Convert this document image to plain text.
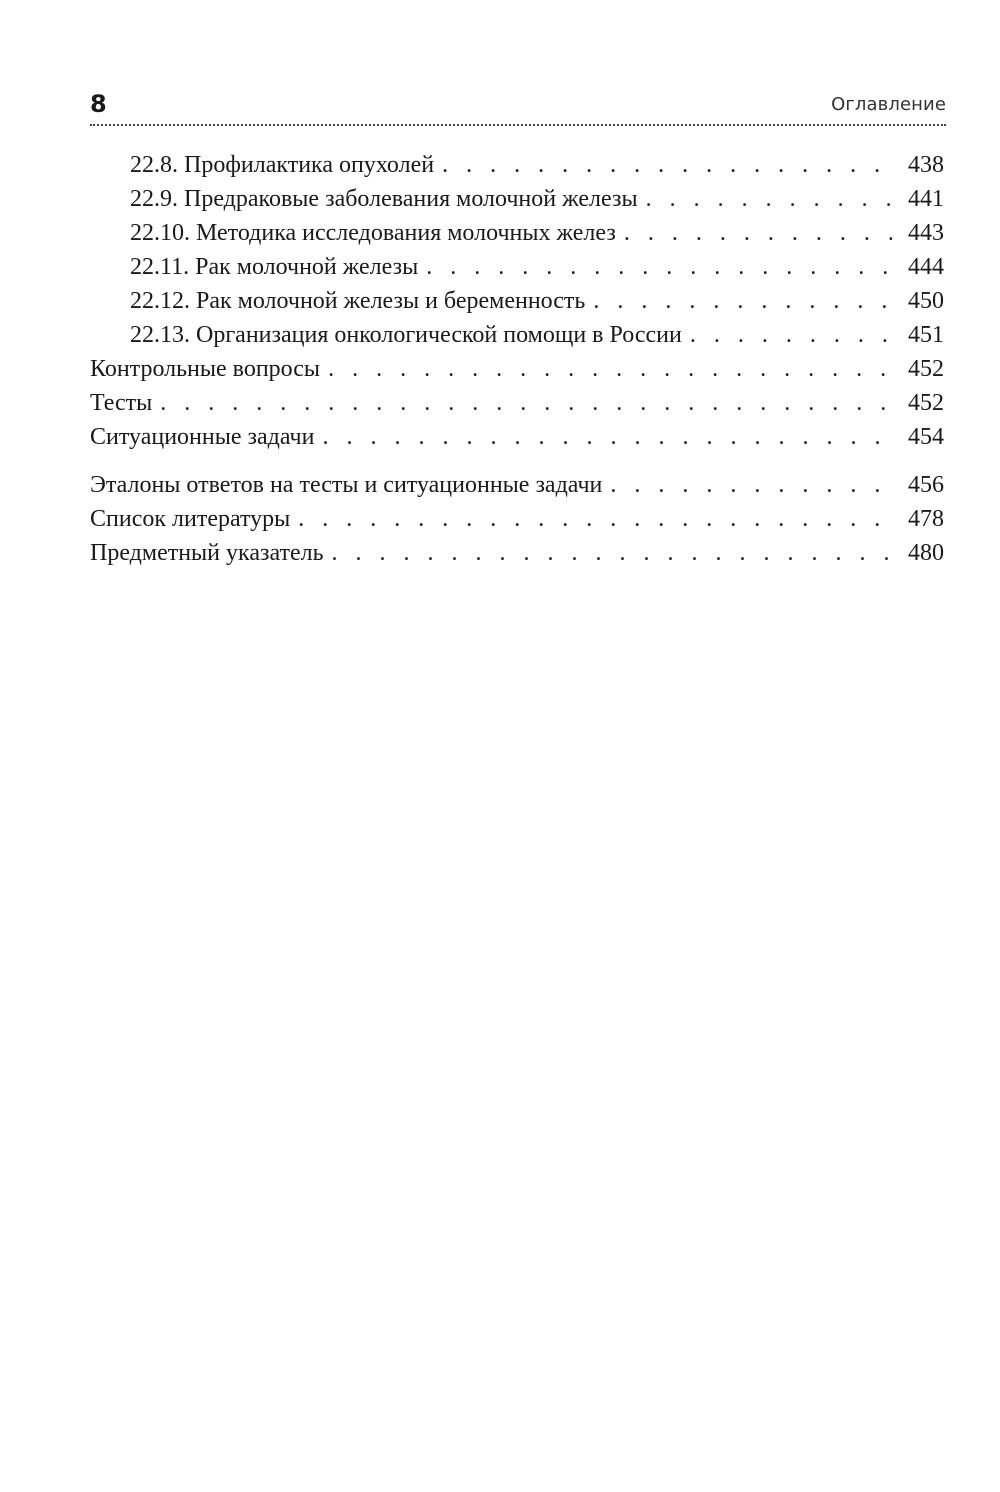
8	Оглавление
22.8. Профилактика опухолей . . .	438
22.9. Предраковые заболевания молочной железы . . .	441
22.10. Методика исследования молочных желез . . .	443
22.11. Рак молочной железы . . .	444
22.12. Рак молочной железы и беременность . . .	450
22.13. Организация онкологической помощи в России . . .	451
Контрольные вопросы . . .	452
Тесты . . .	452
Ситуационные задачи . . .	454
Эталоны ответов на тесты и ситуационные задачи . . .	456
Список литературы . . .	478
Предметный указатель . . .	480
